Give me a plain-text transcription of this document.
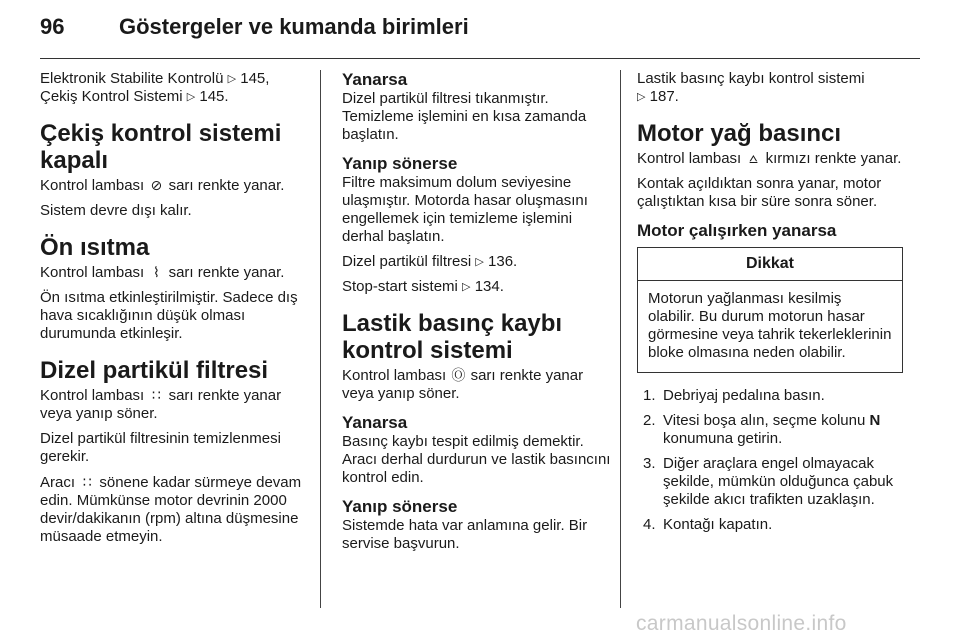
96 Göstergeler ve kumanda birimleri

Elektronik Stabilite Kontrolü ▷ 145,
Çekiş Kontrol Sistemi ▷ 145.

Çekiş kontrol sistemi kapalı

Kontrol lambası ⊘ sarı renkte yanar.

Sistem devre dışı kalır.

Ön ısıtma

Kontrol lambası ⌇ sarı renkte yanar.

Ön ısıtma etkinleştirilmiştir. Sadece dış hava sıcaklığının düşük olması durumunda etkinleşir.

Dizel partikül filtresi

Kontrol lambası ∷ sarı renkte yanar veya yanıp söner.

Dizel partikül filtresinin temizlenmesi gerekir.

Aracı ∷ sönene kadar sürmeye devam edin. Mümkünse motor devrinin 2000 devir/dakikanın (rpm) altına düşmesine müsaade etmeyin.

Yanarsa

Dizel partikül filtresi tıkanmıştır. Temizleme işlemini en kısa zamanda başlatın.

Yanıp sönerse

Filtre maksimum dolum seviyesine ulaşmıştır. Motorda hasar oluşmasını engellemek için temizleme işlemini derhal başlatın.

Dizel partikül filtresi ▷ 136.

Stop-start sistemi ▷ 134.

Lastik basınç kaybı kontrol sistemi

Kontrol lambası Ⓞ sarı renkte yanar veya yanıp söner.

Yanarsa

Basınç kaybı tespit edilmiş demektir. Aracı derhal durdurun ve lastik basıncını kontrol edin.

Yanıp sönerse

Sistemde hata var anlamına gelir. Bir servise başvurun.

Lastik basınç kaybı kontrol sistemi
▷ 187.

Motor yağ basıncı

Kontrol lambası ⩟ kırmızı renkte yanar.

Kontak açıldıktan sonra yanar, motor çalıştıktan kısa bir süre sonra söner.

Motor çalışırken yanarsa
Dikkat
Motorun yağlanması kesilmiş olabilir. Bu durum motorun hasar görmesine veya tahrik tekerleklerinin bloke olmasına neden olabilir.
1. Debriyaj pedalına basın.
2. Vitesi boşa alın, seçme kolunu N konumuna getirin.
3. Diğer araçlara engel olmayacak şekilde, mümkün olduğunca çabuk şekilde akıcı trafikten uzaklaşın.
4. Kontağı kapatın.
carmanualsonline.info
